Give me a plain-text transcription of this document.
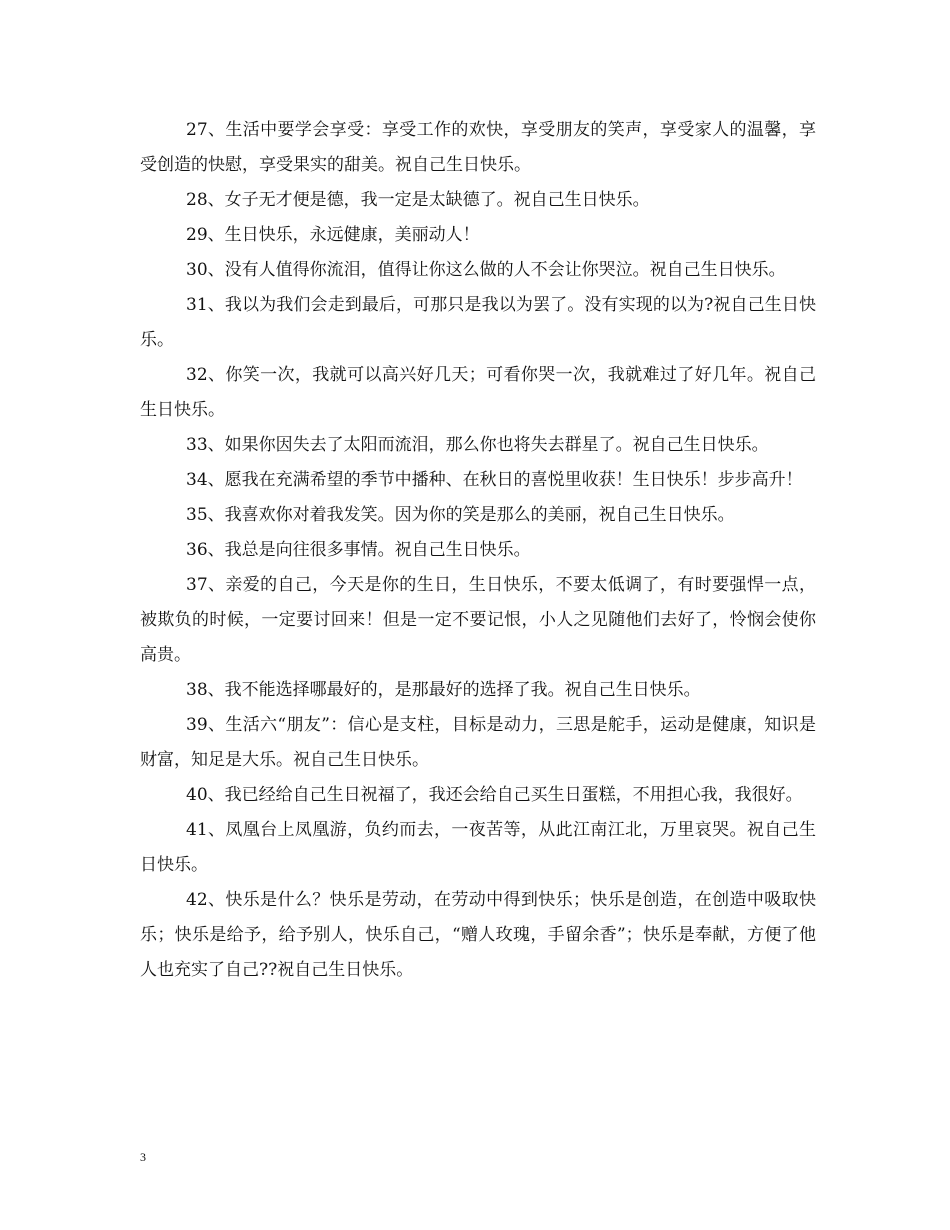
27、生活中要学会享受：享受工作的欢快，享受朋友的笑声，享受家人的温馨，享受创造的快慰，享受果实的甜美。祝自己生日快乐。

28、女子无才便是德，我一定是太缺德了。祝自己生日快乐。

29、生日快乐，永远健康，美丽动人！

30、没有人值得你流泪，值得让你这么做的人不会让你哭泣。祝自己生日快乐。

31、我以为我们会走到最后，可那只是我以为罢了。没有实现的以为?祝自己生日快乐。

32、你笑一次，我就可以高兴好几天；可看你哭一次，我就难过了好几年。祝自己生日快乐。

33、如果你因失去了太阳而流泪，那么你也将失去群星了。祝自己生日快乐。

34、愿我在充满希望的季节中播种、在秋日的喜悦里收获！生日快乐！步步高升！

35、我喜欢你对着我发笑。因为你的笑是那么的美丽，祝自己生日快乐。

36、我总是向往很多事情。祝自己生日快乐。

37、亲爱的自己，今天是你的生日，生日快乐，不要太低调了，有时要强悍一点，被欺负的时候，一定要讨回来！但是一定不要记恨，小人之见随他们去好了，怜悯会使你高贵。

38、我不能选择哪最好的，是那最好的选择了我。祝自己生日快乐。

39、生活六“朋友”：信心是支柱，目标是动力，三思是舵手，运动是健康，知识是财富，知足是大乐。祝自己生日快乐。

40、我已经给自己生日祝福了，我还会给自己买生日蛋糕，不用担心我，我很好。

41、凤凰台上凤凰游，负约而去，一夜苦等，从此江南江北，万里哀哭。祝自己生日快乐。

42、快乐是什么？快乐是劳动，在劳动中得到快乐；快乐是创造，在创造中吸取快乐；快乐是给予，给予别人，快乐自己，“赠人玫瑰，手留余香”；快乐是奉献，方便了他人也充实了自己??祝自己生日快乐。

3
